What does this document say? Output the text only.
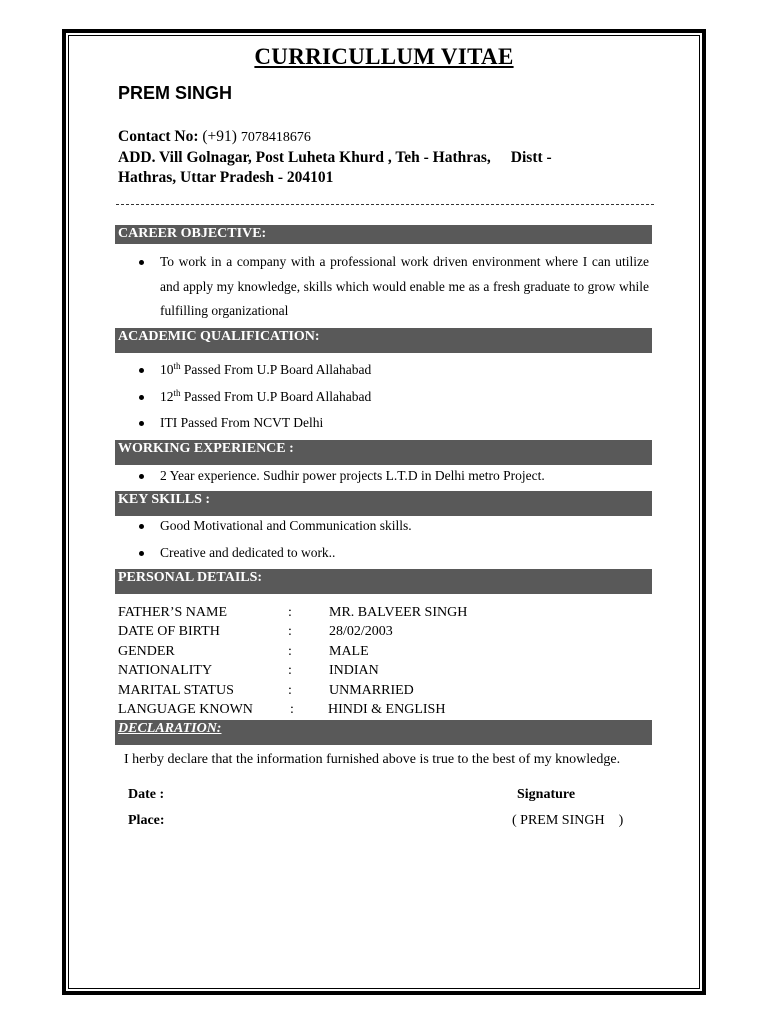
CURRICULLUM VITAE
PREM SINGH
Contact No: (+91) 7078418676
ADD. Vill Golnagar, Post Luheta Khurd , Teh - Hathras, Distt -
Hathras, Uttar Pradesh - 204101
CAREER OBJECTIVE:
To work in a company with a professional work driven environment where I can utilize and apply my knowledge, skills which would enable me as a fresh graduate to grow while fulfilling organizational
ACADEMIC QUALIFICATION:
10th Passed From U.P Board Allahabad
12th Passed From U.P Board Allahabad
ITI Passed From NCVT Delhi
WORKING EXPERIENCE :
2 Year experience. Sudhir power projects L.T.D in Delhi metro Project.
KEY SKILLS :
Good Motivational and Communication skills.
Creative and dedicated to work..
PERSONAL DETAILS:
FATHER’S NAME	:	MR. BALVEER SINGH
DATE OF BIRTH	:	28/02/2003
GENDER	:	MALE
NATIONALITY	:	INDIAN
MARITAL STATUS	:	UNMARRIED
LANGUAGE KNOWN	: HINDI & ENGLISH
DECLARATION:
I herby declare that the information furnished above is true to the best of my knowledge.
Date :
Place:
Signature
( PREM SINGH    )
